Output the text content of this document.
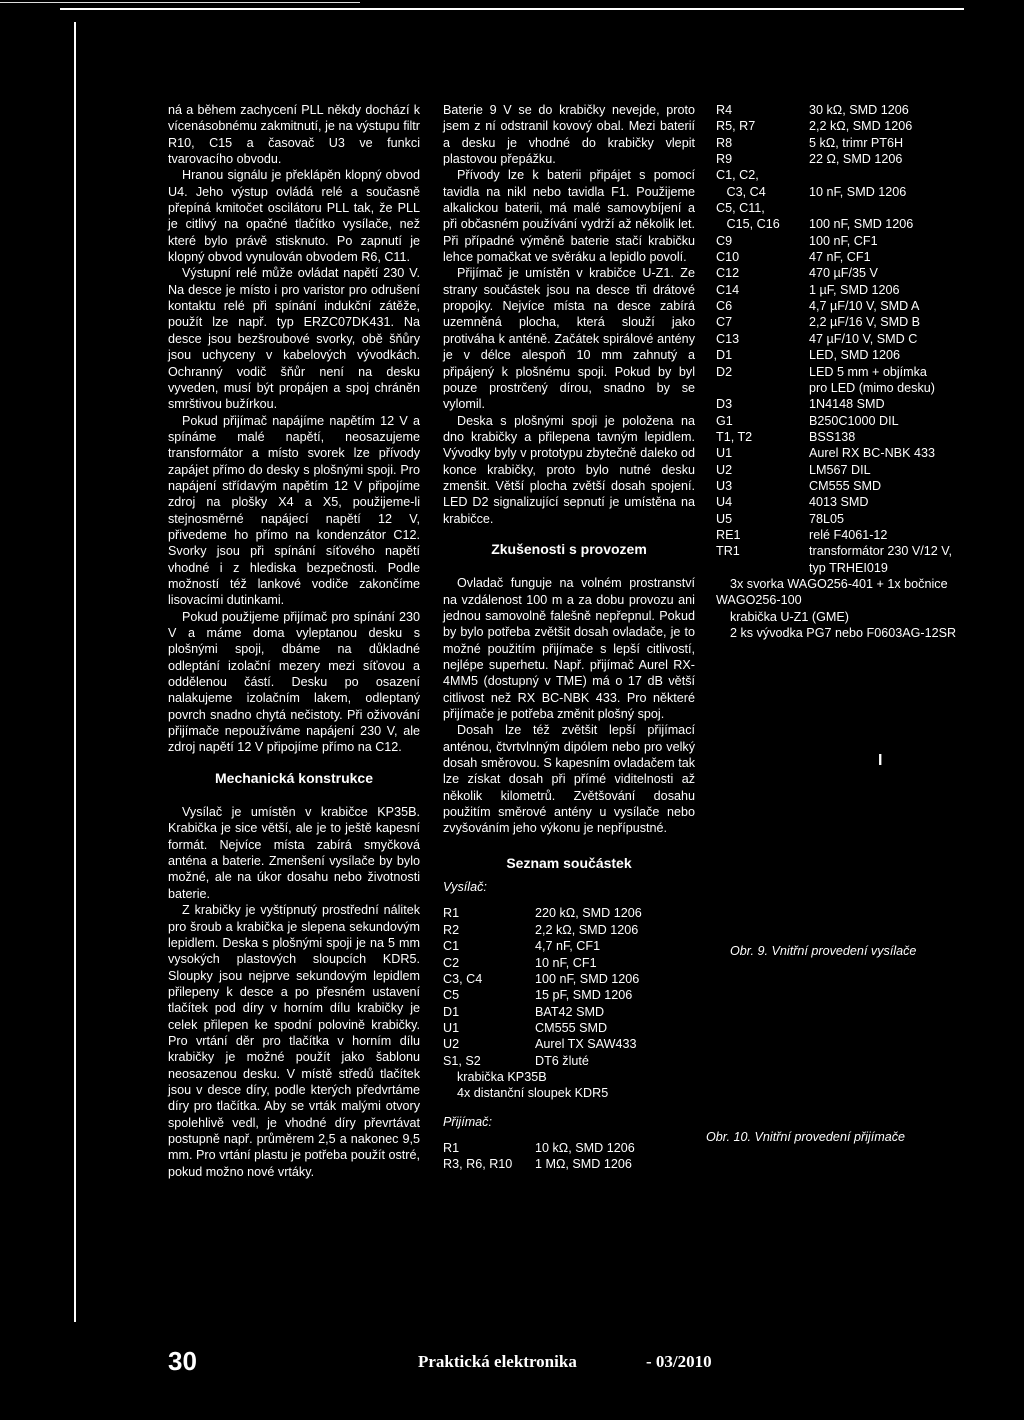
ná a během zachycení PLL někdy dochází k vícenásobnému zakmitnutí, je na výstupu filtr R10, C15 a časovač U3 ve funkci tvarovacího obvodu.

Hranou signálu je překlápěn klopný obvod U4. Jeho výstup ovládá relé a současně přepíná kmitočet oscilátoru PLL tak, že PLL je citlivý na opačné tlačítko vysílače, než které bylo právě stisknuto. Po zapnutí je klopný obvod vynulován obvodem R6, C11.

Výstupní relé může ovládat napětí 230 V. Na desce je místo i pro varistor pro odrušení kontaktu relé při spínání indukční zátěže, použít lze např. typ ERZC07DK431. Na desce jsou bezšroubové svorky, obě šňůry jsou uchyceny v kabelových vývodkách. Ochranný vodič šňůr není na desku vyveden, musí být propájen a spoj chráněn smrštivou bužírkou.

Pokud přijímač napájíme napětím 12 V a spínáme malé napětí, neosazujeme transformátor a místo svorek lze přívody zapájet přímo do desky s plošnými spoji. Pro napájení střídavým napětím 12 V připojíme zdroj na plošky X4 a X5, použijeme-li stejnosměrné napájecí napětí 12 V, přivedeme ho přímo na kondenzátor C12. Svorky jsou při spínání síťového napětí vhodné i z hlediska bezpečnosti. Podle možností též lankové vodiče zakončíme lisovacími dutinkami.

Pokud použijeme přijímač pro spínání 230 V a máme doma vyleptanou desku s plošnými spoji, dbáme na důkladné odleptání izolační mezery mezi síťovou a oddělenou částí. Desku po osazení nalakujeme izolačním lakem, odleptaný povrch snadno chytá nečistoty. Při oživování přijímače nepoužíváme napájení 230 V, ale zdroj napětí 12 V připojíme přímo na C12.

Mechanická konstrukce

Vysílač je umístěn v krabičce KP35B. Krabička je sice větší, ale je to ještě kapesní formát. Nejvíce místa zabírá smyčková anténa a baterie. Zmenšení vysílače by bylo možné, ale na úkor dosahu nebo životnosti baterie.

Z krabičky je vyštípnutý prostřední nálitek pro šroub a krabička je slepena sekundovým lepidlem. Deska s plošnými spoji je na 5 mm vysokých plastových sloupcích KDR5. Sloupky jsou nejprve sekundovým lepidlem přilepeny k desce a po přesném ustavení tlačítek pod díry v horním dílu krabičky je celek přilepen ke spodní polovině krabičky. Pro vrtání děr pro tlačítka v horním dílu krabičky je možné použít jako šablonu neosazenou desku. V místě středů tlačítek jsou v desce díry, podle kterých předvrtáme díry pro tlačítka. Aby se vrták malými otvory spolehlivě vedl, je vhodné díry převrtávat postupně např. průměrem 2,5 a nakonec 9,5 mm. Pro vrtání plastu je potřeba použít ostré, pokud možno nové vrtáky.

Baterie 9 V se do krabičky nevejde, proto jsem z ní odstranil kovový obal. Mezi baterií a desku je vhodné do krabičky vlepit plastovou přepážku.

Přívody lze k baterii připájet s pomocí tavidla na nikl nebo tavidla F1. Použijeme alkalickou baterii, má malé samovybíjení a při občasném používání vydrží až několik let. Při případné výměně baterie stačí krabičku lehce pomačkat ve svěráku a lepidlo povolí.

Přijímač je umístěn v krabičce U-Z1. Ze strany součástek jsou na desce tři drátové propojky. Nejvíce místa na desce zabírá uzemněná plocha, která slouží jako protiváha k anténě. Začátek spirálové antény je v délce alespoň 10 mm zahnutý a připájený k plošnému spoji. Pokud by byl pouze prostrčený dírou, snadno by se vylomil.

Deska s plošnými spoji je položena na dno krabičky a přilepena tavným lepidlem. Vývodky byly v prototypu zbytečně daleko od konce krabičky, proto bylo nutné desku zmenšit. Větší plocha zvětší dosah spojení. LED D2 signalizující sepnutí je umístěna na krabičce.

Zkušenosti s provozem

Ovladač funguje na volném prostranství na vzdálenost 100 m a za dobu provozu ani jednou samovolně falešně nepřepnul. Pokud by bylo potřeba zvětšit dosah ovladače, je to možné použitím přijímače s lepší citlivostí, nejlépe superhetu. Např. přijímač Aurel RX-4MM5 (dostupný v TME) má o 17 dB větší citlivost než RX BC-NBK 433. Pro některé přijímače je potřeba změnit plošný spoj.

Dosah lze též zvětšit lepší přijímací anténou, čtvrtvlnným dipólem nebo pro velký dosah směrovou. S kapesním ovladačem tak lze získat dosah při přímé viditelnosti až několik kilometrů. Zvětšování dosahu použitím směrové antény u vysílače nebo zvyšováním jeho výkonu je nepřípustné.

Seznam součástek
Vysílač:
R1	220 kΩ, SMD 1206
R2	2,2 kΩ, SMD 1206
C1	4,7 nF, CF1
C2	10 nF, CF1
C3, C4	100 nF, SMD 1206
C5	15 pF, SMD 1206
D1	BAT42 SMD
U1	CM555 SMD
U2	Aurel TX SAW433
S1, S2	DT6 žluté

krabička KP35B

4x distanční sloupek KDR5

Přijímač:
R1	10 kΩ, SMD 1206
R3, R6, R10	1 MΩ, SMD 1206
R4	30 kΩ, SMD 1206
R5, R7	2,2 kΩ, SMD 1206
R8	5 kΩ, trimr PT6H
R9	22 Ω, SMD 1206
C1, C2,	
C3, C4	10 nF, SMD 1206
C5, C11,	
C15, C16	100 nF, SMD 1206
C9	100 nF, CF1
C10	47 nF, CF1
C12	470 µF/35 V
C14	1 µF, SMD 1206
C6	4,7 µF/10 V, SMD A
C7	2,2 µF/16 V, SMD B
C13	47 µF/10 V, SMD C
D1	LED, SMD 1206
D2	LED 5 mm + objímka
	pro LED (mimo desku)
D3	1N4148 SMD
G1	B250C1000 DIL
T1, T2	BSS138
U1	Aurel RX BC-NBK 433
U2	LM567 DIL
U3	CM555 SMD
U4	4013 SMD
U5	78L05
RE1	relé F4061-12
TR1	transformátor 230 V/12 V,
	typ TRHEI019

3x svorka WAGO256-401 + 1x bočnice WAGO256-100

krabička U-Z1 (GME)

2 ks vývodka PG7 nebo F0603AG-12SR

I
Obr. 9. Vnitřní provedení vysílače
Obr. 10. Vnitřní provedení přijímače
30	Praktická elektronika	- 03/2010
